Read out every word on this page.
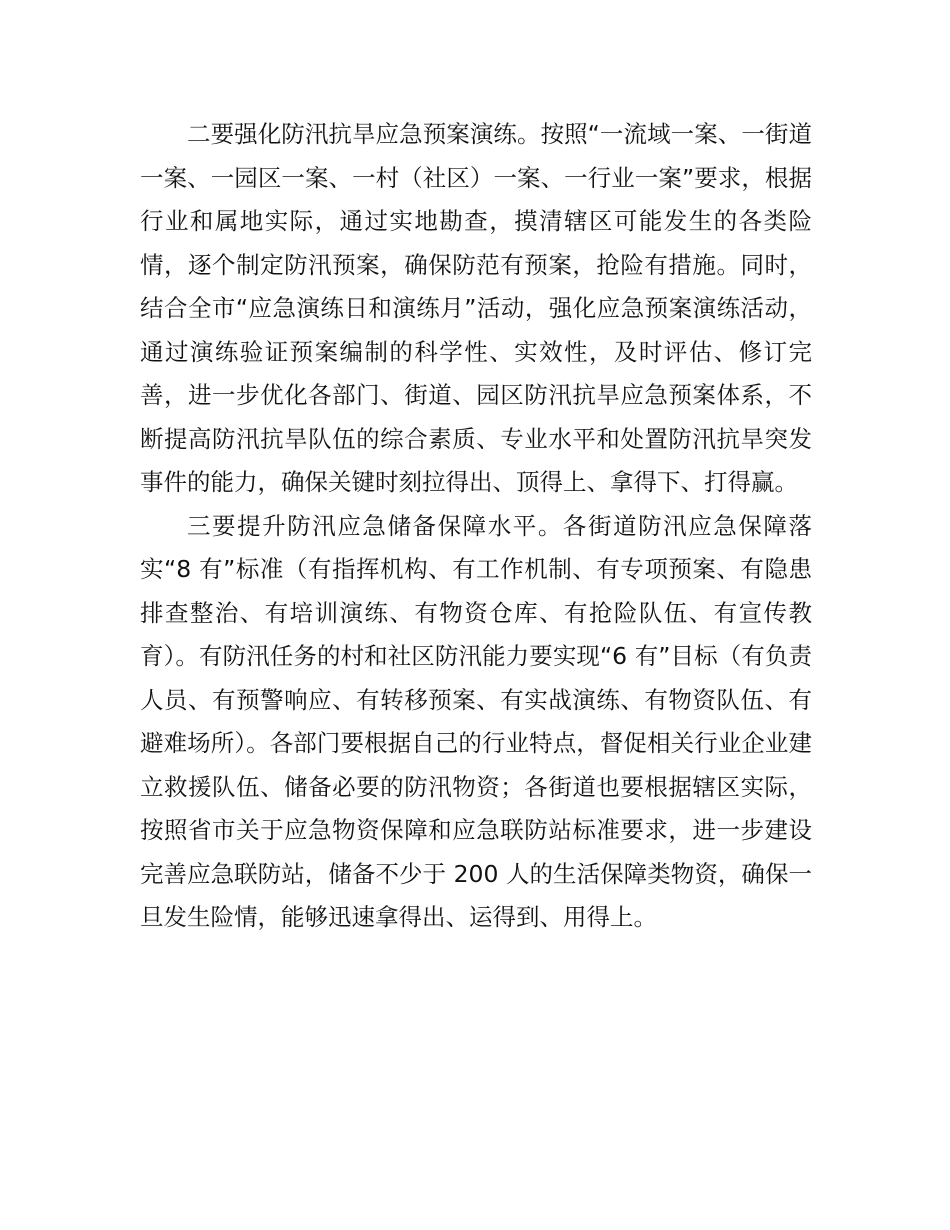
二要强化防汛抗旱应急预案演练。按照“一流域一案、一街道一案、一园区一案、一村（社区）一案、一行业一案”要求，根据行业和属地实际，通过实地勘查，摸清辖区可能发生的各类险情，逐个制定防汛预案，确保防范有预案，抢险有措施。同时，结合全市“应急演练日和演练月”活动，强化应急预案演练活动，通过演练验证预案编制的科学性、实效性，及时评估、修订完善，进一步优化各部门、街道、园区防汛抗旱应急预案体系，不断提高防汛抗旱队伍的综合素质、专业水平和处置防汛抗旱突发事件的能力，确保关键时刻拉得出、顶得上、拿得下、打得赢。

三要提升防汛应急储备保障水平。各街道防汛应急保障落实“8 有”标准（有指挥机构、有工作机制、有专项预案、有隐患排查整治、有培训演练、有物资仓库、有抢险队伍、有宣传教育）。有防汛任务的村和社区防汛能力要实现“6 有”目标（有负责人员、有预警响应、有转移预案、有实战演练、有物资队伍、有避难场所）。各部门要根据自己的行业特点，督促相关行业企业建立救援队伍、储备必要的防汛物资；各街道也要根据辖区实际，按照省市关于应急物资保障和应急联防站标准要求，进一步建设完善应急联防站，储备不少于 200 人的生活保障类物资，确保一旦发生险情，能够迅速拿得出、运得到、用得上。
